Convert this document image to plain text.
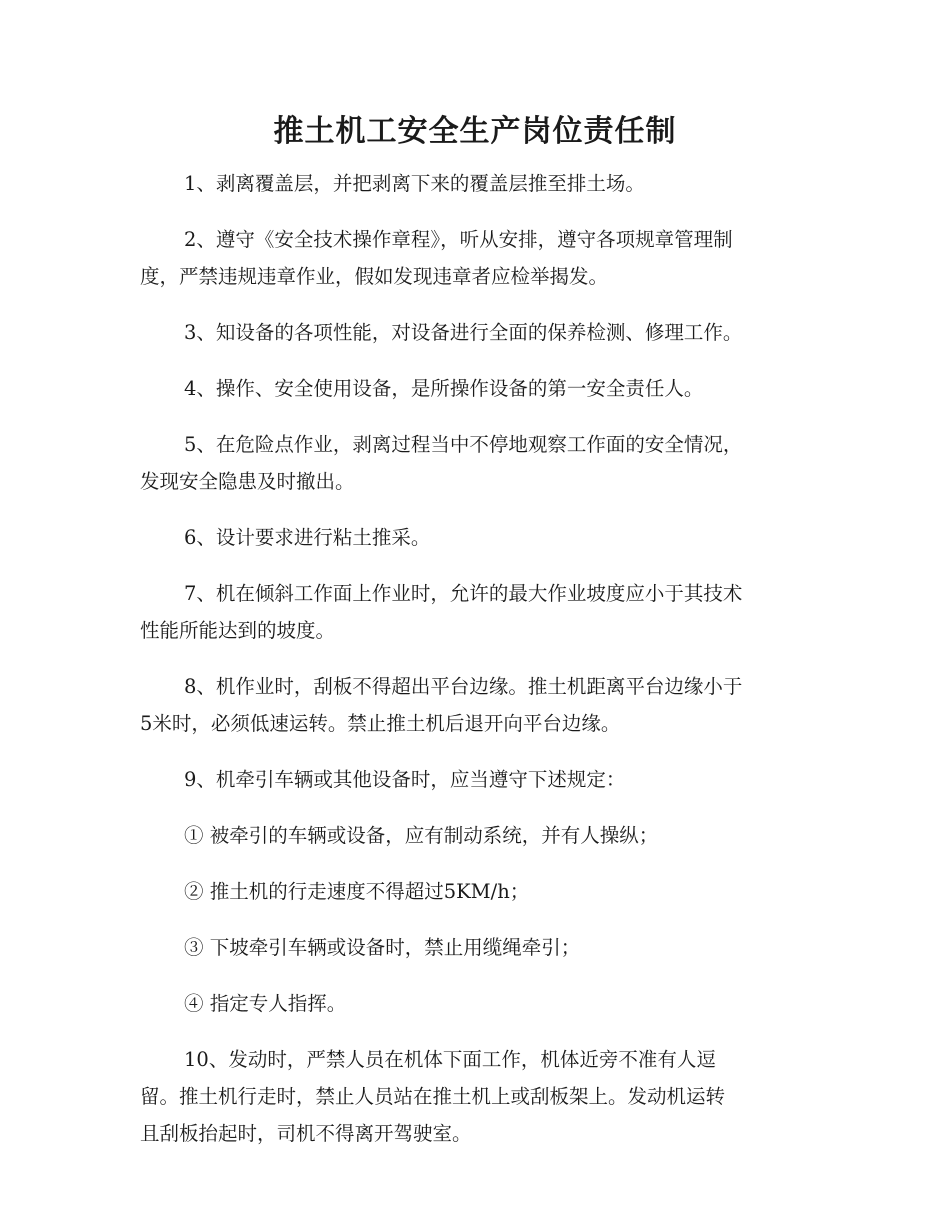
推土机工安全生产岗位责任制

1、剥离覆盖层，并把剥离下来的覆盖层推至排土场。

2、遵守《安全技术操作章程》，听从安排，遵守各项规章管理制
度，严禁违规违章作业，假如发现违章者应检举揭发。

3、知设备的各项性能，对设备进行全面的保养检测、修理工作。

4、操作、安全使用设备，是所操作设备的第一安全责任人。

5、在危险点作业，剥离过程当中不停地观察工作面的安全情况，
发现安全隐患及时撤出。

6、设计要求进行粘土推采。

7、机在倾斜工作面上作业时，允许的最大作业坡度应小于其技术
性能所能达到的坡度。

8、机作业时，刮板不得超出平台边缘。推土机距离平台边缘小于
5米时，必须低速运转。禁止推土机后退开向平台边缘。

9、机牵引车辆或其他设备时，应当遵守下述规定：

① 被牵引的车辆或设备，应有制动系统，并有人操纵；

② 推土机的行走速度不得超过5KM/h；

③ 下坡牵引车辆或设备时，禁止用缆绳牵引；

④ 指定专人指挥。

10、发动时，严禁人员在机体下面工作，机体近旁不准有人逗
留。推土机行走时，禁止人员站在推土机上或刮板架上。发动机运转
且刮板抬起时，司机不得离开驾驶室。
